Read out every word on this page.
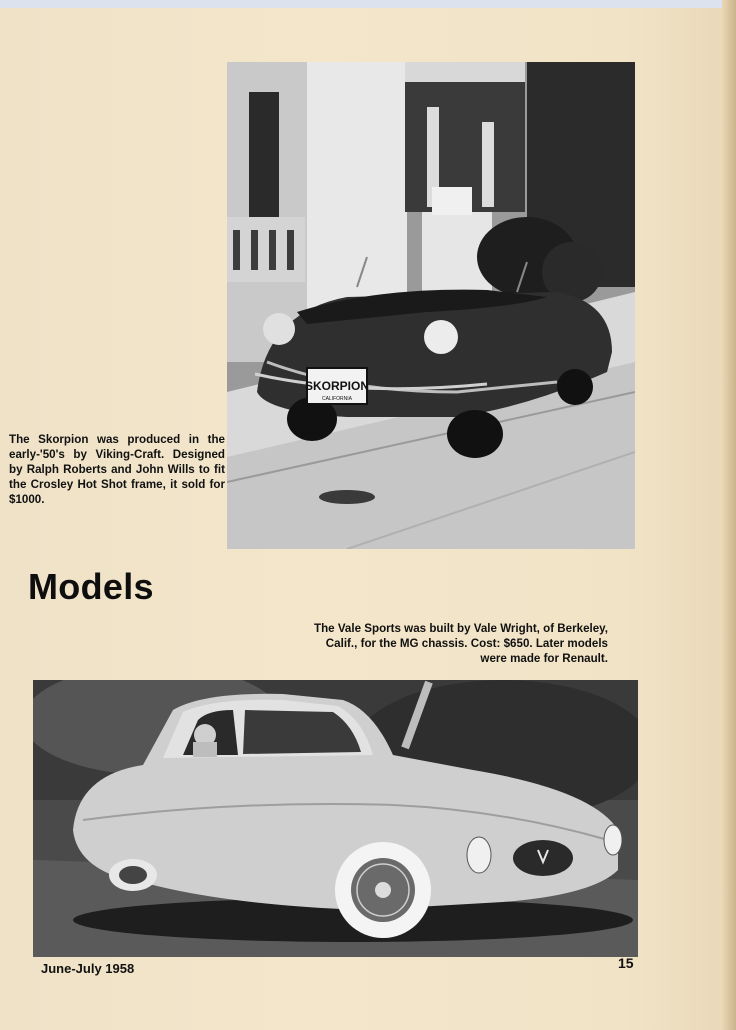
SKORPION
CALIFORNIA

The Skorpion was produced in the early-'50's by Viking-Craft. Designed by Ralph Roberts and John Wills to fit the Crosley Hot Shot frame, it sold for $1000.

Models

The Vale Sports was built by Vale Wright, of Berkeley, Calif., for the MG chassis. Cost: $650. Later models were made for Renault.

June-July 1958	15
